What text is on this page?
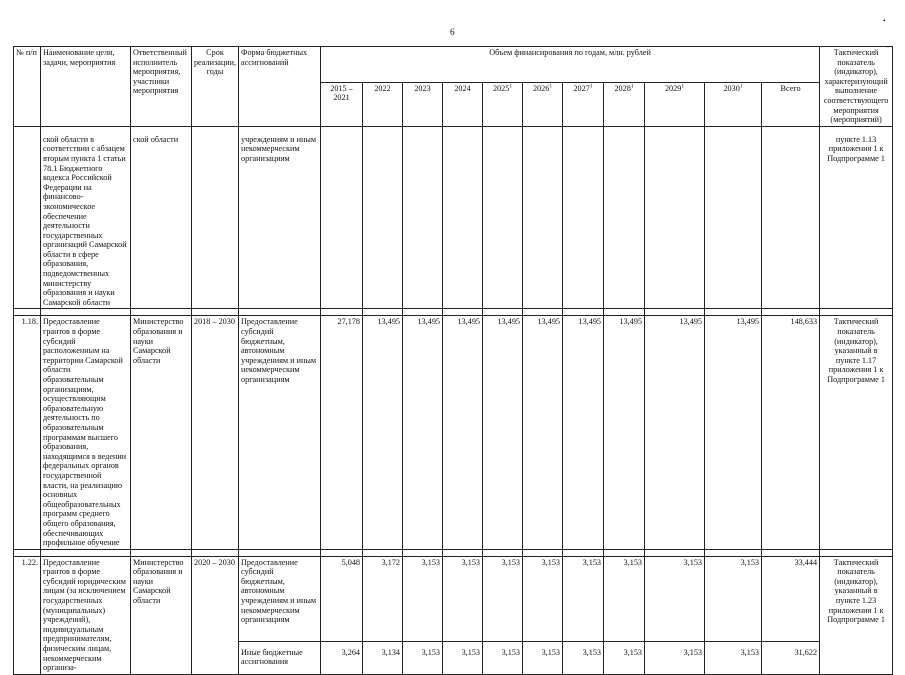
6
•
-
№ п/п	Наименование цели, задачи, мероприятия	Ответственный исполнитель мероприятия, участники мероприятия	Срок реализации, годы	Форма бюджетных ассигнований	Объем финансирования по годам, млн. рублей											Тактический показатель (индикатор), характеризующий выполнение соответствующего мероприятия (мероприятий)
					2015 – 2021	2022	2023	2024	2025$^1$	2026$^1$	2027$^1$	2028$^1$	2029$^1$	2030$^1$	Всего	
	ской области в соответствии с абзацем вторым пункта 1 статьи 78.1 Бюджетного кодекса Российской Федерации на финансово-экономическое обеспечение деятельности государственных организаций Самарской области в сфере образования, подведомственных министерству образования и науки Самарской области	ской области		учреждениям и иным некоммерческим организациям												пункте 1.13 приложения 1 к Подпрограмме 1

1.18.	Предоставление грантов в форме субсидий расположенным на территории Самарской области образовательным организациям, осуществляющим образовательную деятельность по образовательным программам высшего образования, находящимся в ведении федеральных органов государственной власти, на реализацию основных общеобразовательных программ среднего общего образования, обеспечивающих профильное обучение	Министерство образования и науки Самарской области	2018 – 2030	Предоставление субсидий бюджетным, автономным учреждениям и иным некоммерческим организациям	27,178	13,495	13,495	13,495	13,495	13,495	13,495	13,495	13,495	13,495	148,633	Тактический показатель (индикатор), указанный в пункте 1.17 приложения 1 к Подпрограмме 1

1.22.	Предоставление грантов в форме субсидий юридическим лицам (за исключением государственных (муниципальных) учреждений), индивидуальным предпринимателям, физическим лицам, некоммерческим организа-	Министерство образования и науки Самарской области	2020 – 2030	Предоставление субсидий бюджетным, автономным учреждениям и иным некоммерческим организациям	5,048	3,172	3,153	3,153	3,153	3,153	3,153	3,153	3,153	3,153	33,444	Тактический показатель (индикатор), указанный в пункте 1.23 приложения 1 к Подпрограмме 1
				Иные бюджетные ассигнования	3,264	3,134	3,153	3,153	3,153	3,153	3,153	3,153	3,153	3,153	31,622	
